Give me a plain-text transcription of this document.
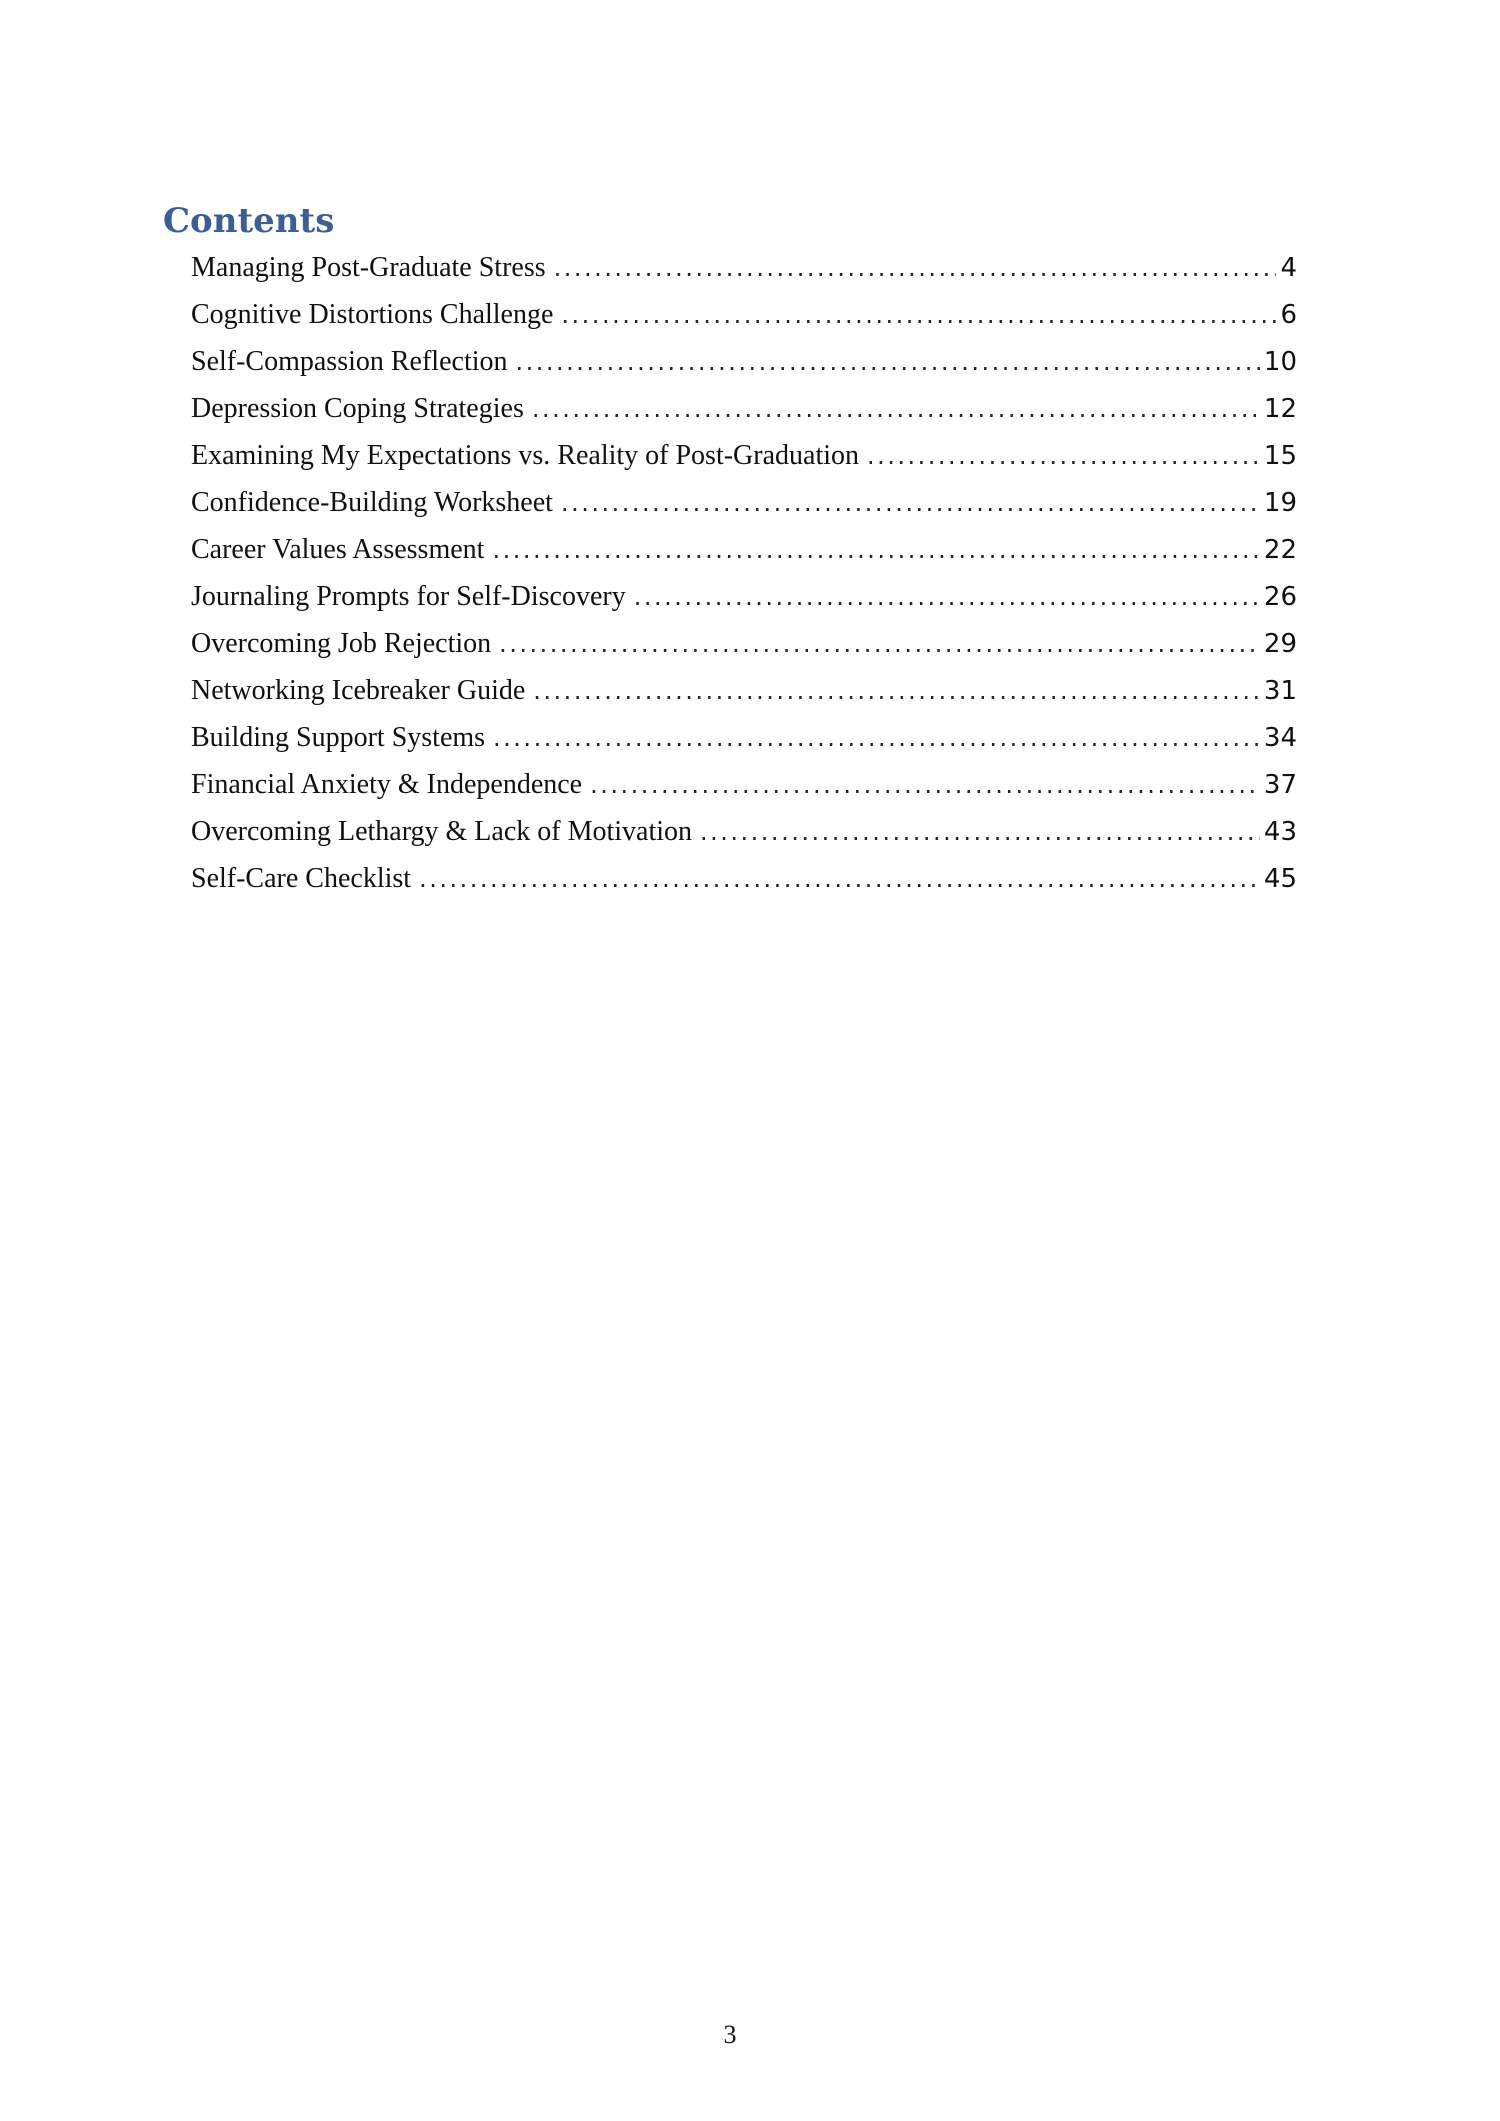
Contents
Managing Post-Graduate Stress .....	4
Cognitive Distortions Challenge .....	6
Self-Compassion Reflection .....	10
Depression Coping Strategies .....	12
Examining My Expectations vs. Reality of Post-Graduation .....	15
Confidence-Building Worksheet .....	19
Career Values Assessment .....	22
Journaling Prompts for Self-Discovery .....	26
Overcoming Job Rejection .....	29
Networking Icebreaker Guide .....	31
Building Support Systems .....	34
Financial Anxiety & Independence .....	37
Overcoming Lethargy & Lack of Motivation .....	43
Self-Care Checklist .....	45
3
